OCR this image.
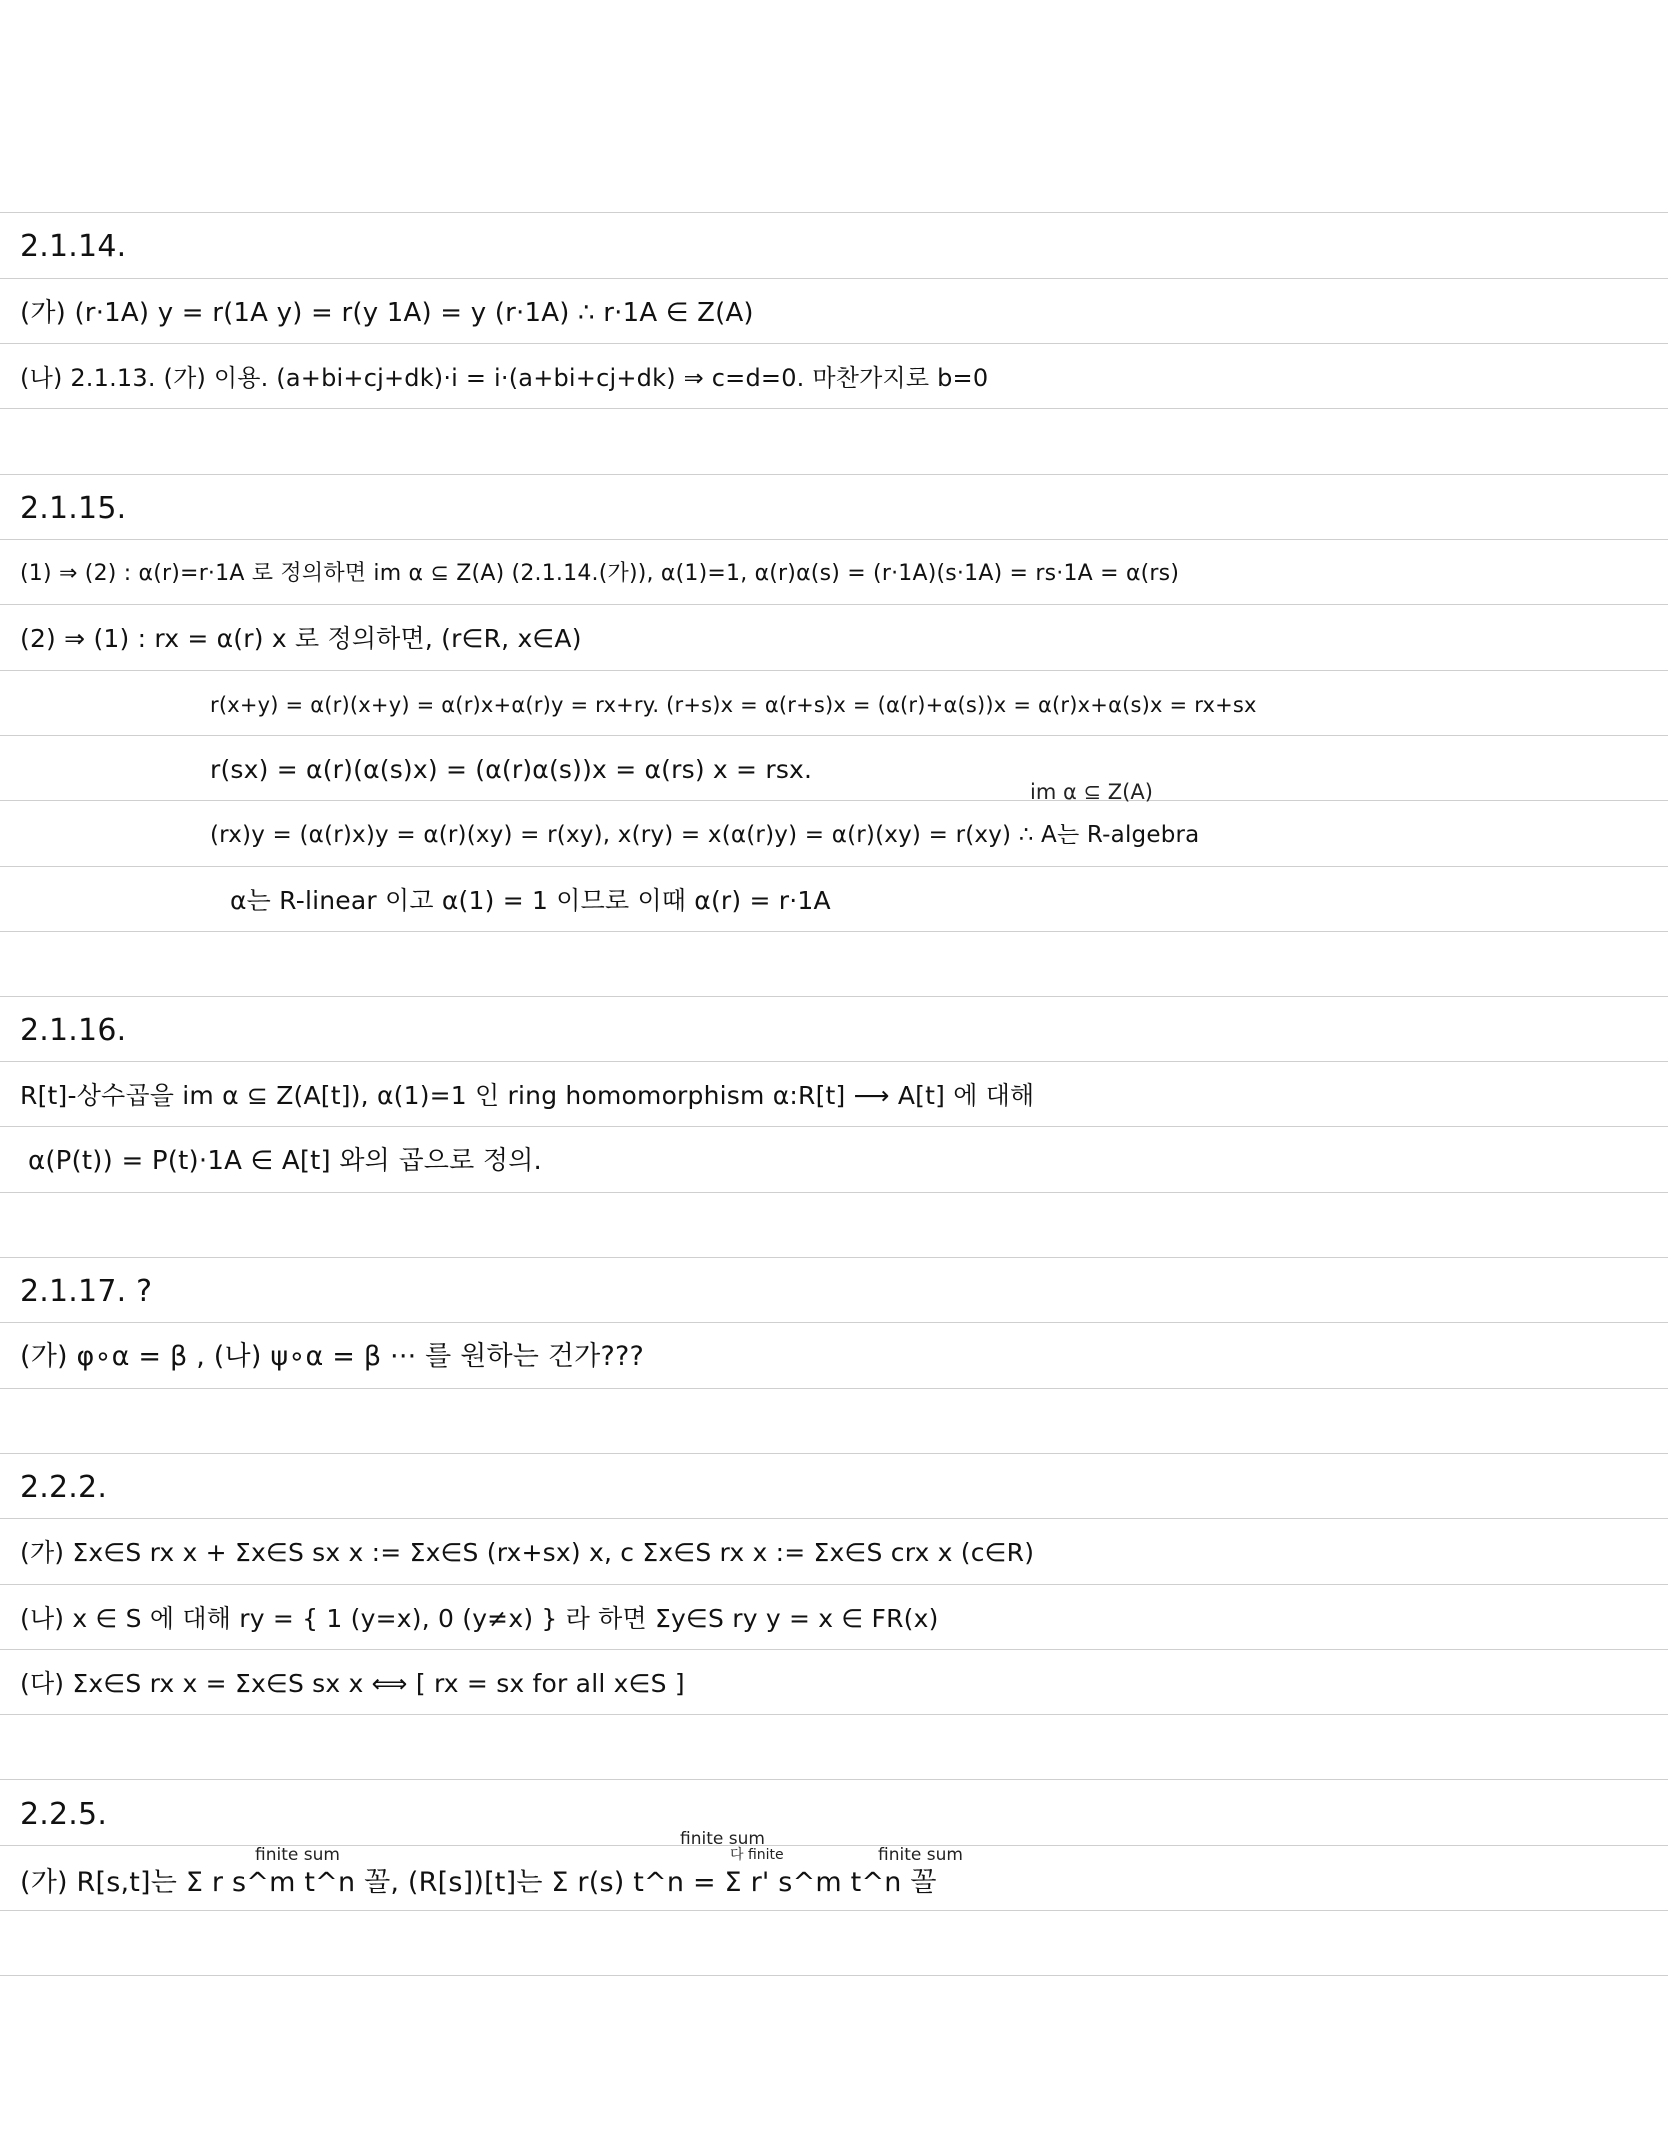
2.1.14.
(가) (r·1A) y = r(1A y) = r(y 1A) = y (r·1A) ∴ r·1A ∈ Z(A)
(나) 2.1.13. (가) 이용. (a+bi+cj+dk)·i = i·(a+bi+cj+dk) ⇒ c=d=0. 마찬가지로 b=0
2.1.15.
(1) ⇒ (2) : α(r)=r·1A 로 정의하면 im α ⊆ Z(A) (2.1.14.(가)), α(1)=1, α(r)α(s) = (r·1A)(s·1A) = rs·1A = α(rs)
(2) ⇒ (1) : rx = α(r) x 로 정의하면, (r∈R, x∈A)
r(x+y) = α(r)(x+y) = α(r)x+α(r)y = rx+ry. (r+s)x = α(r+s)x = (α(r)+α(s))x = α(r)x+α(s)x = rx+sx
r(sx) = α(r)(α(s)x) = (α(r)α(s))x = α(rs) x = rsx.
im α ⊆ Z(A)
(rx)y = (α(r)x)y = α(r)(xy) = r(xy), x(ry) = x(α(r)y) = α(r)(xy) = r(xy) ∴ A는 R-algebra
α는 R-linear 이고 α(1) = 1 이므로 이때 α(r) = r·1A
2.1.16.
R[t]-상수곱을 im α ⊆ Z(A[t]), α(1)=1 인 ring homomorphism α:R[t] ⟶ A[t] 에 대해
α(P(t)) = P(t)·1A ∈ A[t] 와의 곱으로 정의.
2.1.17. ?
(가) φ∘α = β , (나) ψ∘α = β ··· 를 원하는 건가???
2.2.2.
(가) Σx∈S rx x + Σx∈S sx x := Σx∈S (rx+sx) x, c Σx∈S rx x := Σx∈S crx x (c∈R)
(나) x ∈ S 에 대해 ry = { 1 (y=x), 0 (y≠x) } 라 하면 Σy∈S ry y = x ∈ FR(x)
(다) Σx∈S rx x = Σx∈S sx x ⟺ [ rx = sx for all x∈S ]
2.2.5.
finite sum
finite sum
다 finite	finite sum
(가) R[s,t]는 Σ r s^m t^n 꼴, (R[s])[t]는 Σ r(s) t^n = Σ r' s^m t^n 꼴
